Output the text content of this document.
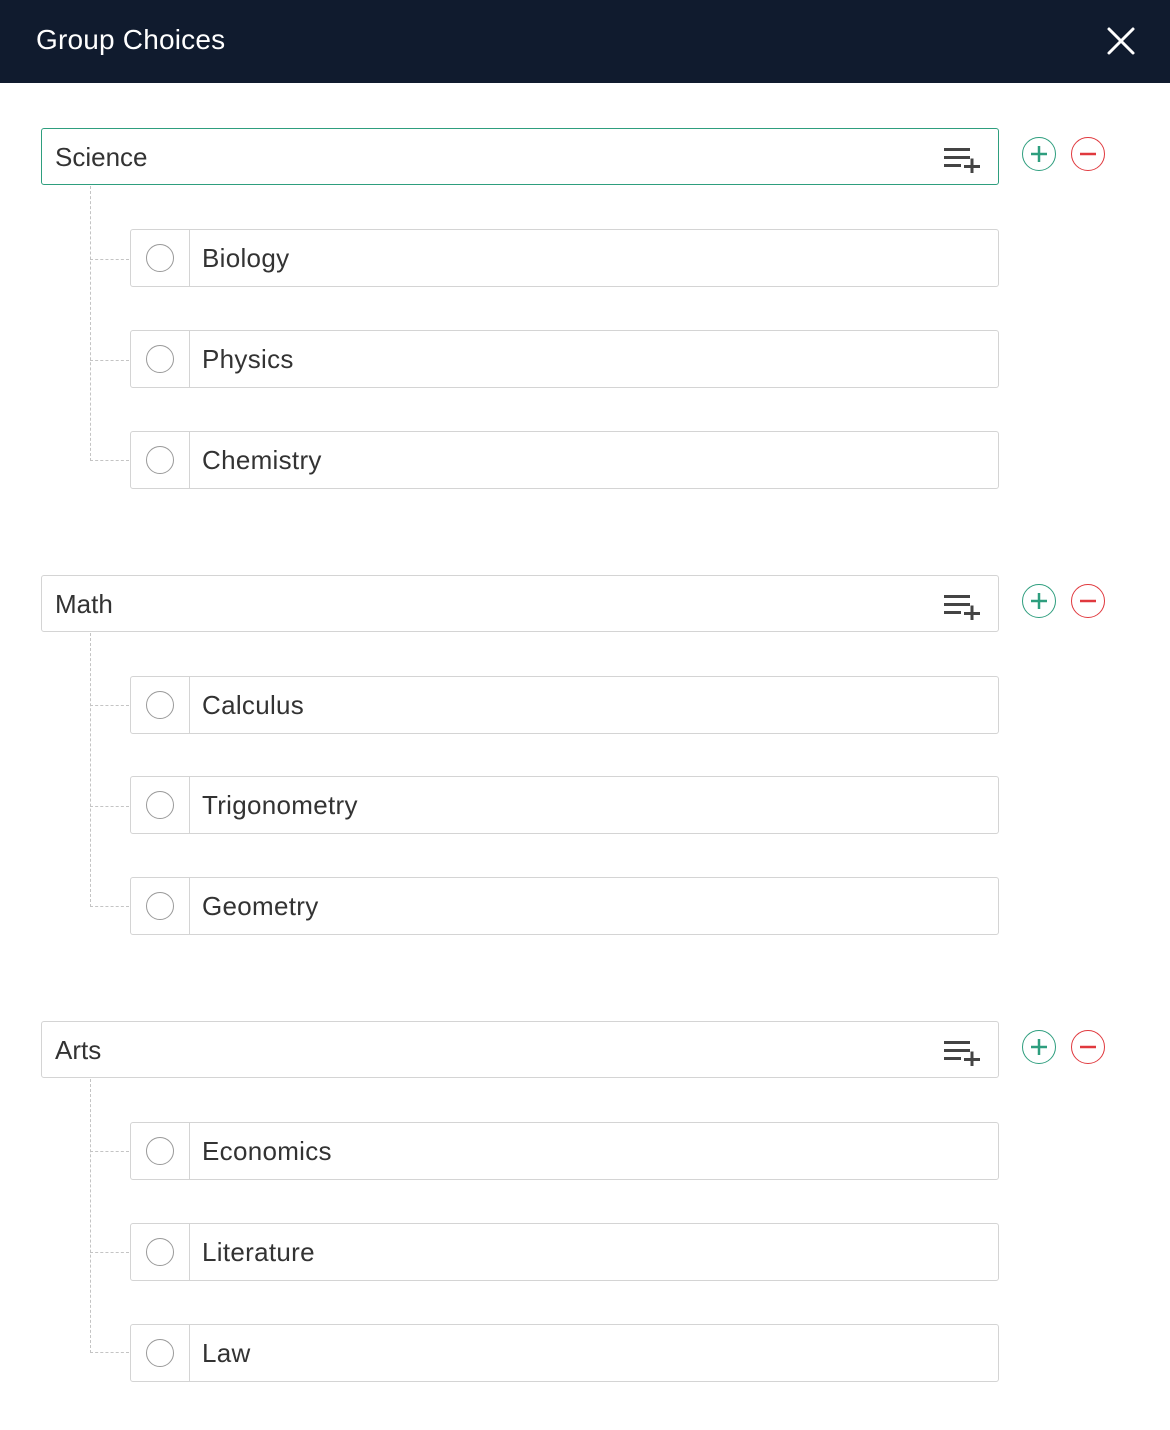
Group Choices
Science
Biology
Physics
Chemistry
Math
Calculus
Trigonometry
Geometry
Arts
Economics
Literature
Law
